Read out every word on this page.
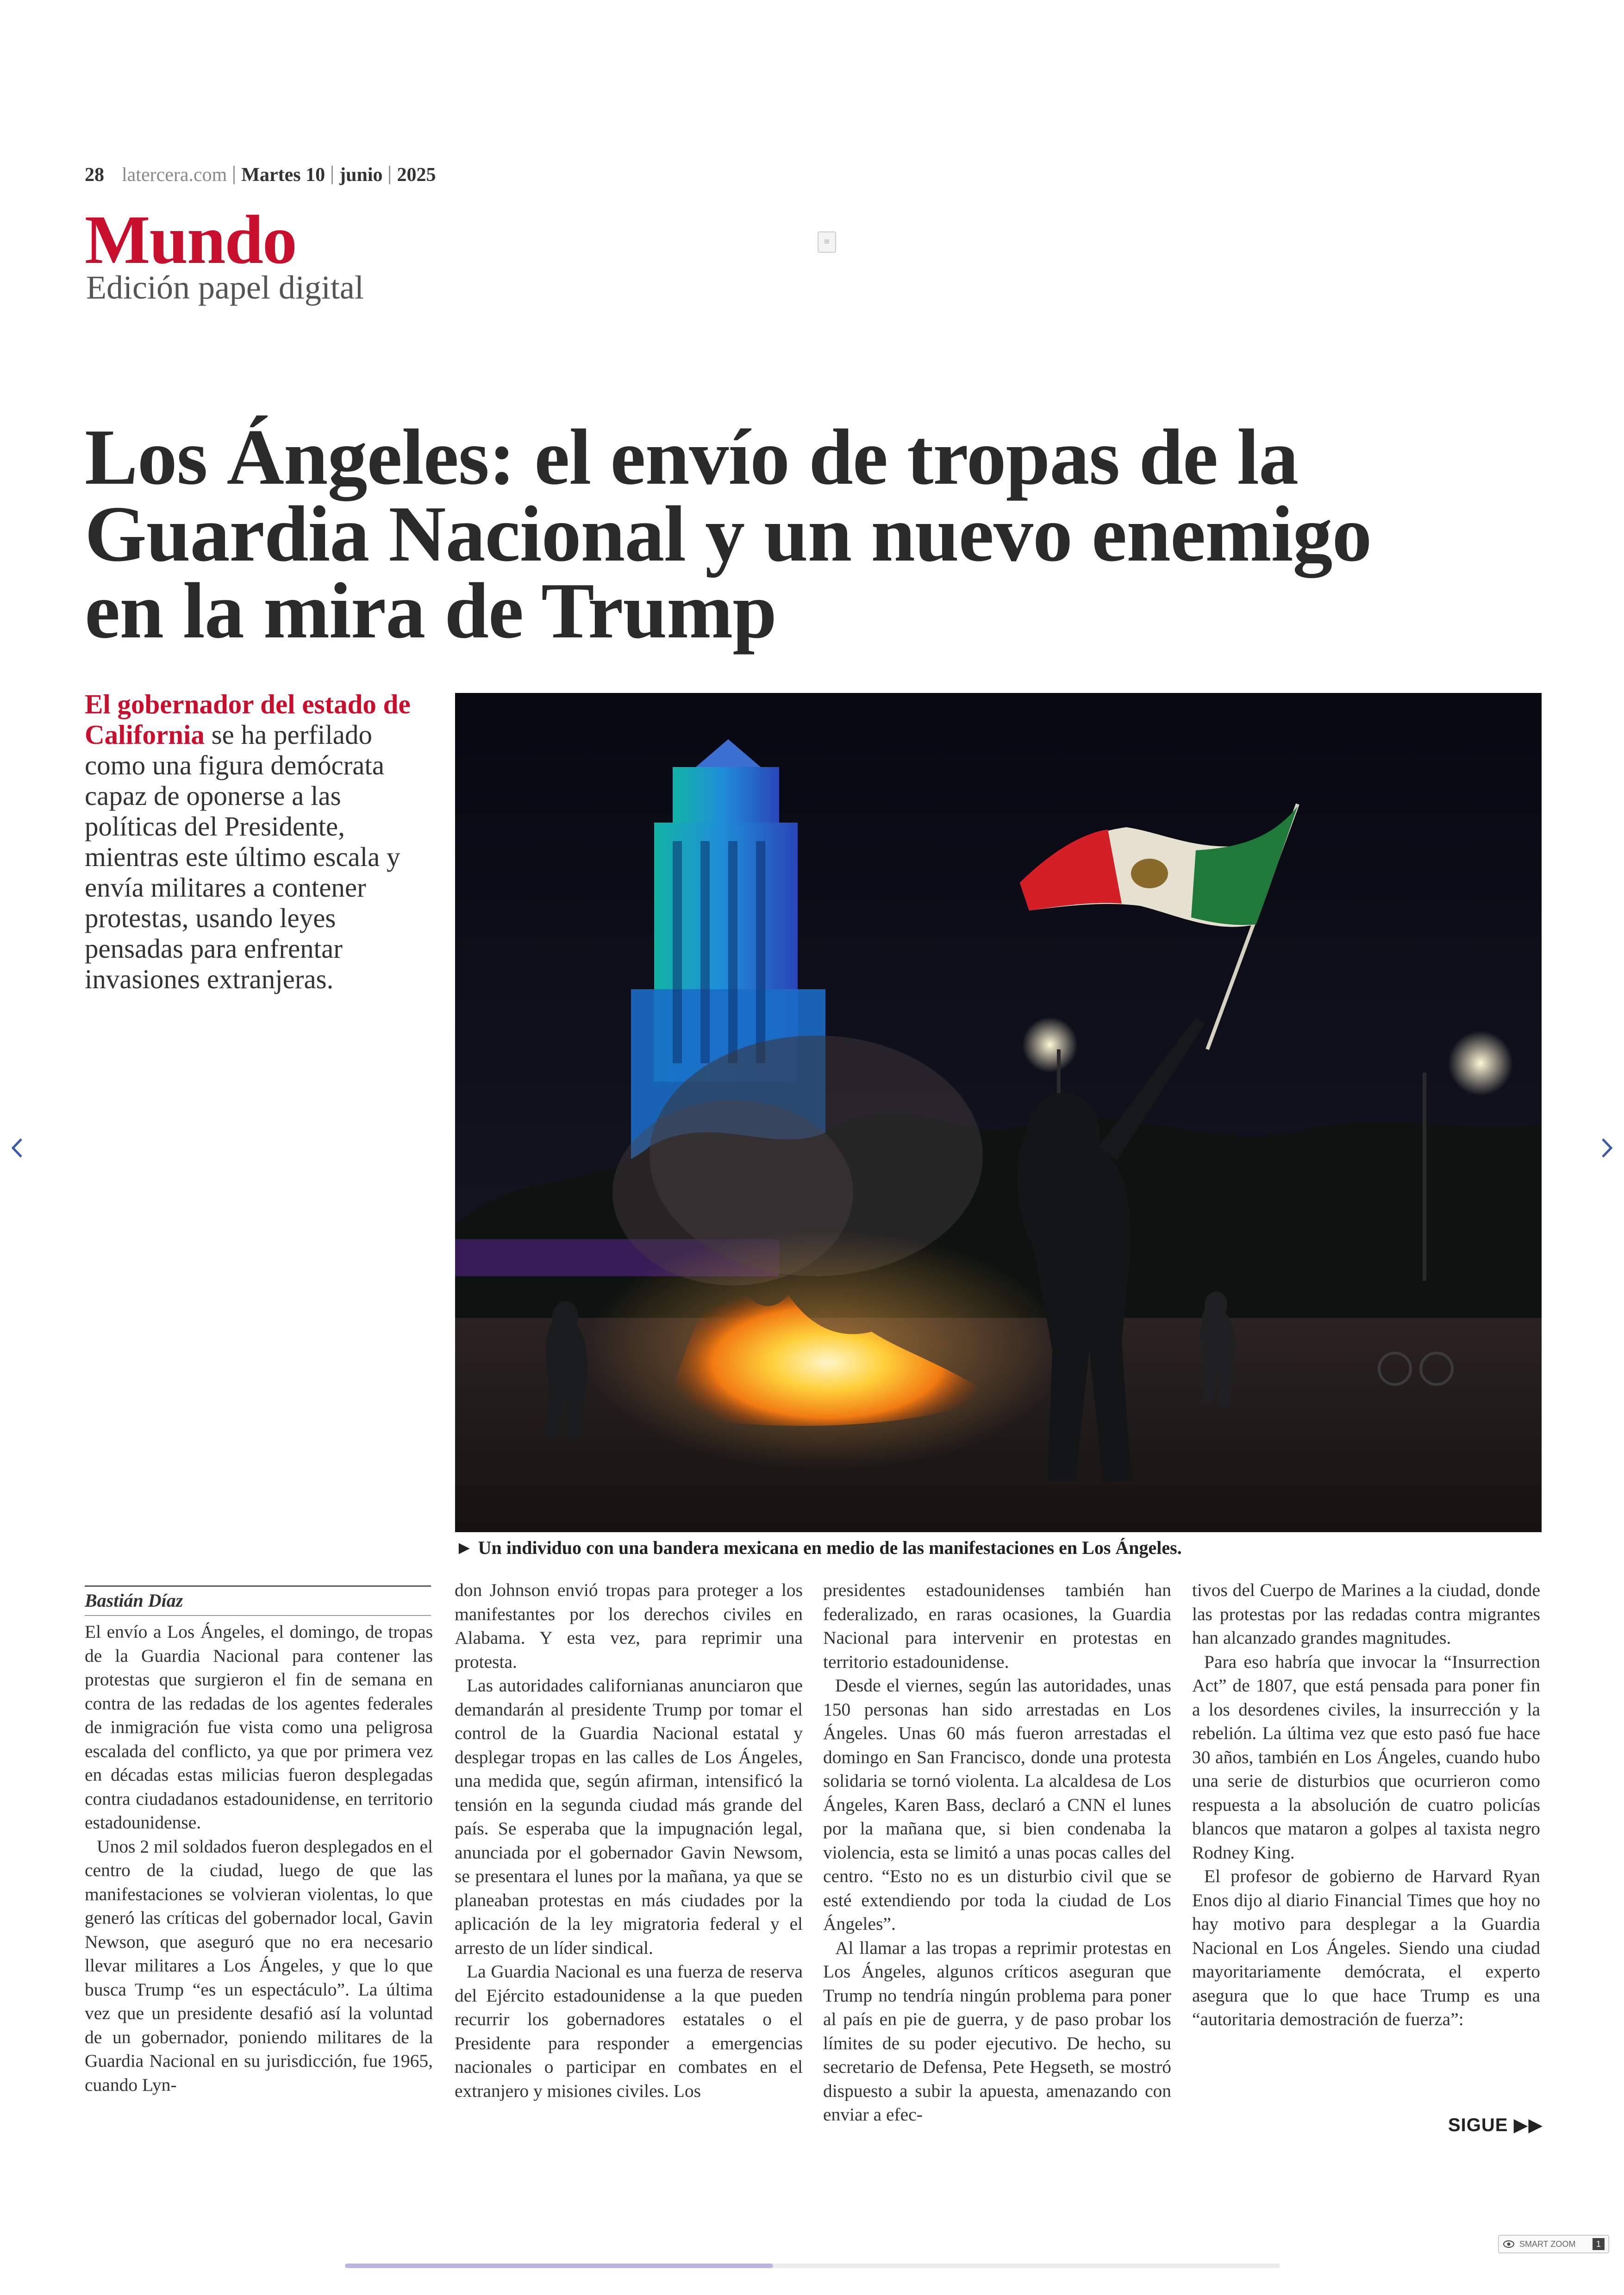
28 latercera.com Martes 10 junio 2025
Mundo
Edición papel digital
≡
Los Ángeles: el envío de tropas de la Guardia Nacional y un nuevo enemigo en la mira de Trump

El gobernador del estado de California se ha perfilado como una figura demócrata capaz de oponerse a las políticas del Presidente, mientras este último escala y envía militares a contener protestas, usando leyes pensadas para enfrentar invasiones extranjeras.

► Un individuo con una bandera mexicana en medio de las manifestaciones en Los Ángeles.
Bastián Díaz

El envío a Los Ángeles, el domingo, de tropas de la Guardia Nacional para contener las protestas que surgieron el fin de semana en contra de las redadas de los agentes federales de inmigración fue vista como una peligrosa escalada del conflicto, ya que por primera vez en décadas estas milicias fueron desplegadas contra ciudadanos estadounidense, en territorio estadounidense.

Unos 2 mil soldados fueron desplegados en el centro de la ciudad, luego de que las manifestaciones se volvieran violentas, lo que generó las críticas del gobernador local, Gavin Newson, que aseguró que no era necesario llevar militares a Los Ángeles, y que lo que busca Trump “es un espectáculo”. La última vez que un presidente desafió así la voluntad de un gobernador, poniendo militares de la Guardia Nacional en su jurisdicción, fue 1965, cuando Lyn-

don Johnson envió tropas para proteger a los manifestantes por los derechos civiles en Alabama. Y esta vez, para reprimir una protesta.

Las autoridades californianas anunciaron que demandarán al presidente Trump por tomar el control de la Guardia Nacional estatal y desplegar tropas en las calles de Los Ángeles, una medida que, según afirman, intensificó la tensión en la segunda ciudad más grande del país. Se esperaba que la impugnación legal, anunciada por el gobernador Gavin Newsom, se presentara el lunes por la mañana, ya que se planeaban protestas en más ciudades por la aplicación de la ley migratoria federal y el arresto de un líder sindical.

La Guardia Nacional es una fuerza de reserva del Ejército estadounidense a la que pueden recurrir los gobernadores estatales o el Presidente para responder a emergencias nacionales o participar en combates en el extranjero y misiones civiles. Los

presidentes estadounidenses también han federalizado, en raras ocasiones, la Guardia Nacional para intervenir en protestas en territorio estadounidense.

Desde el viernes, según las autoridades, unas 150 personas han sido arrestadas en Los Ángeles. Unas 60 más fueron arrestadas el domingo en San Francisco, donde una protesta solidaria se tornó violenta. La alcaldesa de Los Ángeles, Karen Bass, declaró a CNN el lunes por la mañana que, si bien condenaba la violencia, esta se limitó a unas pocas calles del centro. “Esto no es un disturbio civil que se esté extendiendo por toda la ciudad de Los Ángeles”.

Al llamar a las tropas a reprimir protestas en Los Ángeles, algunos críticos aseguran que Trump no tendría ningún problema para poner al país en pie de guerra, y de paso probar los límites de su poder ejecutivo. De hecho, su secretario de Defensa, Pete Hegseth, se mostró dispuesto a subir la apuesta, amenazando con enviar a efec-

tivos del Cuerpo de Marines a la ciudad, donde las protestas por las redadas contra migrantes han alcanzado grandes magnitudes.

Para eso habría que invocar la “Insurrection Act” de 1807, que está pensada para poner fin a los desordenes civiles, la insurrección y la rebelión. La última vez que esto pasó fue hace 30 años, también en Los Ángeles, cuando hubo una serie de disturbios que ocurrieron como respuesta a la absolución de cuatro policías blancos que mataron a golpes al taxista negro Rodney King.

El profesor de gobierno de Harvard Ryan Enos dijo al diario Financial Times que hoy no hay motivo para desplegar a la Guardia Nacional en Los Ángeles. Siendo una ciudad mayoritariamente demócrata, el experto asegura que lo que hace Trump es una “autoritaria demostración de fuerza”:

SIGUE ▶▶
SMART ZOOM	1
